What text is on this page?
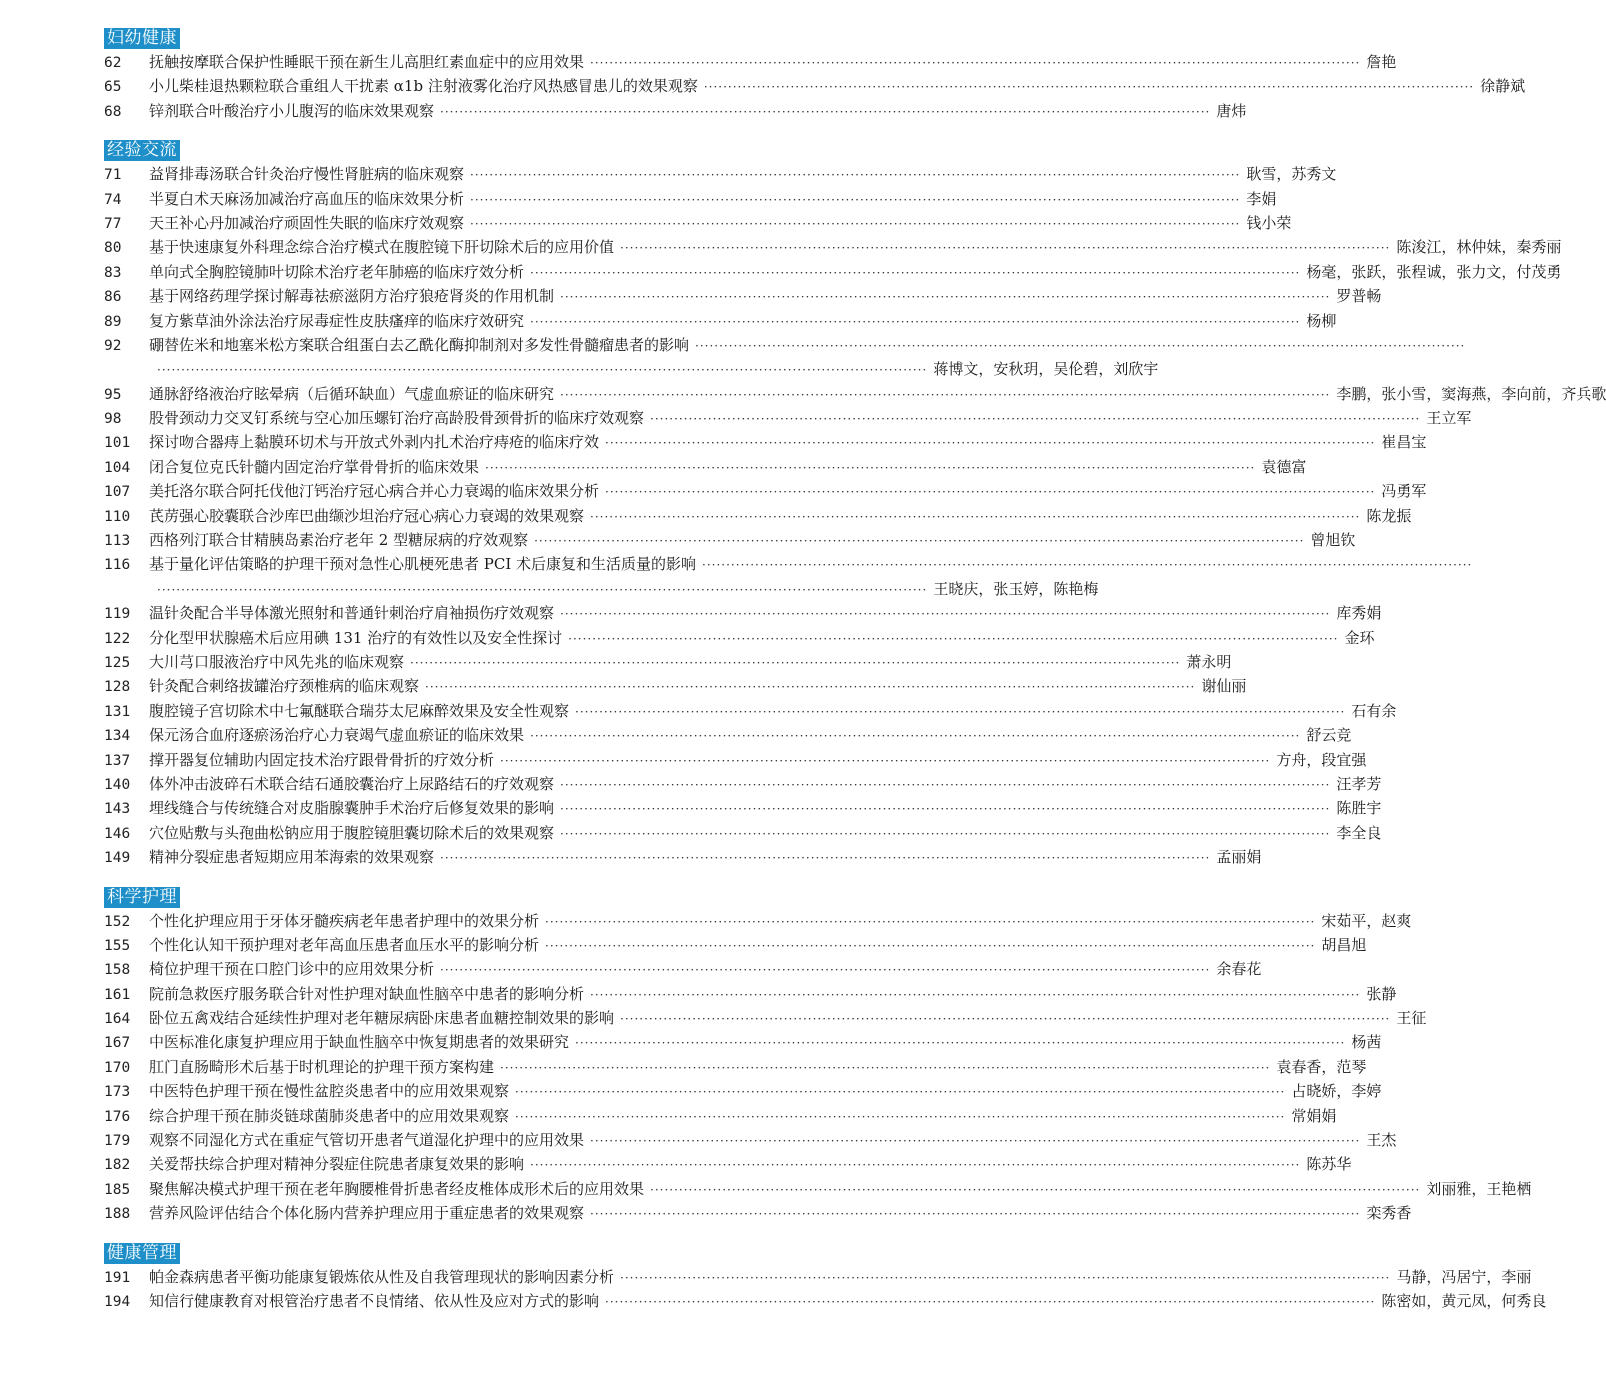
妇幼健康
62	抚触按摩联合保护性睡眠干预在新生儿高胆红素血症中的应用效果 ································································································································································ 詹艳
65	小儿柴桂退热颗粒联合重组人干扰素 α1b 注射液雾化治疗风热感冒患儿的效果观察 ································································································································································ 徐静斌
68	锌剂联合叶酸治疗小儿腹泻的临床效果观察 ································································································································································ 唐炜
经验交流
71	益肾排毒汤联合针灸治疗慢性肾脏病的临床观察 ································································································································································ 耿雪，苏秀文
74	半夏白术天麻汤加减治疗高血压的临床效果分析 ································································································································································ 李娟
77	天王补心丹加减治疗顽固性失眠的临床疗效观察 ································································································································································ 钱小荣
80	基于快速康复外科理念综合治疗模式在腹腔镜下肝切除术后的应用价值 ································································································································································ 陈浚江，林仲妹，秦秀丽
83	单向式全胸腔镜肺叶切除术治疗老年肺癌的临床疗效分析 ································································································································································ 杨毫，张跃，张程诚，张力文，付茂勇
86	基于网络药理学探讨解毒祛瘀滋阴方治疗狼疮肾炎的作用机制 ································································································································································ 罗普畅
89	复方紫草油外涂法治疗尿毒症性皮肤瘙痒的临床疗效研究 ································································································································································ 杨柳
92	硼替佐米和地塞米松方案联合组蛋白去乙酰化酶抑制剂对多发性骨髓瘤患者的影响 ································································································································································
································································································································································ 蒋博文，安秋玥，吴伦碧，刘欣宇
95	通脉舒络液治疗眩晕病（后循环缺血）气虚血瘀证的临床研究 ································································································································································ 李鹏，张小雪，窦海燕，李向前，齐兵歌
98	股骨颈动力交叉钉系统与空心加压螺钉治疗高龄股骨颈骨折的临床疗效观察 ································································································································································ 王立军
101	探讨吻合器痔上黏膜环切术与开放式外剥内扎术治疗痔疮的临床疗效 ································································································································································ 崔昌宝
104	闭合复位克氏针髓内固定治疗掌骨骨折的临床效果 ································································································································································ 袁德富
107	美托洛尔联合阿托伐他汀钙治疗冠心病合并心力衰竭的临床效果分析 ································································································································································ 冯勇军
110	芪苈强心胶囊联合沙库巴曲缬沙坦治疗冠心病心力衰竭的效果观察 ································································································································································ 陈龙振
113	西格列汀联合甘精胰岛素治疗老年 2 型糖尿病的疗效观察 ································································································································································ 曾旭钦
116	基于量化评估策略的护理干预对急性心肌梗死患者 PCI 术后康复和生活质量的影响 ································································································································································
································································································································································ 王晓庆，张玉婷，陈艳梅
119	温针灸配合半导体激光照射和普通针刺治疗肩袖损伤疗效观察 ································································································································································ 库秀娟
122	分化型甲状腺癌术后应用碘 131 治疗的有效性以及安全性探讨 ································································································································································ 金环
125	大川芎口服液治疗中风先兆的临床观察 ································································································································································ 萧永明
128	针灸配合刺络拔罐治疗颈椎病的临床观察 ································································································································································ 谢仙丽
131	腹腔镜子宫切除术中七氟醚联合瑞芬太尼麻醉效果及安全性观察 ································································································································································ 石有余
134	保元汤合血府逐瘀汤治疗心力衰竭气虚血瘀证的临床效果 ································································································································································ 舒云竞
137	撑开器复位辅助内固定技术治疗跟骨骨折的疗效分析 ································································································································································ 方舟，段宜强
140	体外冲击波碎石术联合结石通胶囊治疗上尿路结石的疗效观察 ································································································································································ 汪孝芳
143	埋线缝合与传统缝合对皮脂腺囊肿手术治疗后修复效果的影响 ································································································································································ 陈胜宇
146	穴位贴敷与头孢曲松钠应用于腹腔镜胆囊切除术后的效果观察 ································································································································································ 李全良
149	精神分裂症患者短期应用苯海索的效果观察 ································································································································································ 孟丽娟
科学护理
152	个性化护理应用于牙体牙髓疾病老年患者护理中的效果分析 ································································································································································ 宋茹平，赵爽
155	个性化认知干预护理对老年高血压患者血压水平的影响分析 ································································································································································ 胡昌旭
158	椅位护理干预在口腔门诊中的应用效果分析 ································································································································································ 余春花
161	院前急救医疗服务联合针对性护理对缺血性脑卒中患者的影响分析 ································································································································································ 张静
164	卧位五禽戏结合延续性护理对老年糖尿病卧床患者血糖控制效果的影响 ································································································································································ 王征
167	中医标准化康复护理应用于缺血性脑卒中恢复期患者的效果研究 ································································································································································ 杨茜
170	肛门直肠畸形术后基于时机理论的护理干预方案构建 ································································································································································ 袁春香，范琴
173	中医特色护理干预在慢性盆腔炎患者中的应用效果观察 ································································································································································ 占晓娇，李婷
176	综合护理干预在肺炎链球菌肺炎患者中的应用效果观察 ································································································································································ 常娟娟
179	观察不同湿化方式在重症气管切开患者气道湿化护理中的应用效果 ································································································································································ 王杰
182	关爱帮扶综合护理对精神分裂症住院患者康复效果的影响 ································································································································································ 陈苏华
185	聚焦解决模式护理干预在老年胸腰椎骨折患者经皮椎体成形术后的应用效果 ································································································································································ 刘丽雅，王艳栖
188	营养风险评估结合个体化肠内营养护理应用于重症患者的效果观察 ································································································································································ 栾秀香
健康管理
191	帕金森病患者平衡功能康复锻炼依从性及自我管理现状的影响因素分析 ································································································································································ 马静，冯居宁，李丽
194	知信行健康教育对根管治疗患者不良情绪、依从性及应对方式的影响 ································································································································································ 陈密如，黄元凤，何秀良
